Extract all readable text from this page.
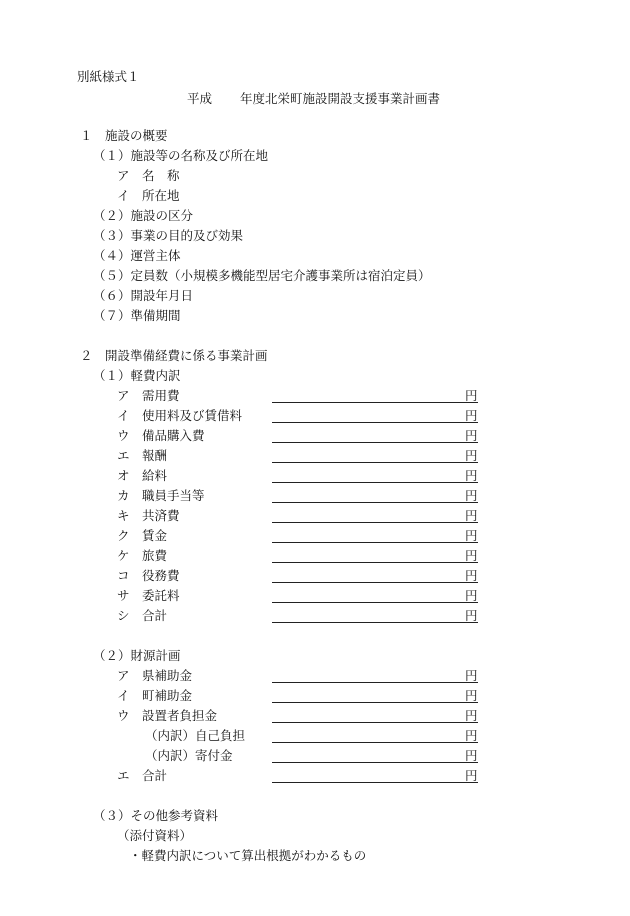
別紙様式１
平成 年度北栄町施設開設支援事業計画書
１　施設の概要
（１）施設等の名称及び所在地
ア　名　称
イ　所在地
（２）施設の区分
（３）事業の目的及び効果
（４）運営主体
（５）定員数（小規模多機能型居宅介護事業所は宿泊定員）
（６）開設年月日
（７）準備期間
２　開設準備経費に係る事業計画
（１）軽費内訳
ア　需用費	円
イ　使用料及び賃借料	円
ウ　備品購入費	円
エ　報酬	円
オ　給料	円
カ　職員手当等	円
キ　共済費	円
ク　賃金	円
ケ　旅費	円
コ　役務費	円
サ　委託料	円
シ　合計	円
（２）財源計画
ア　県補助金	円
イ　町補助金	円
ウ　設置者負担金	円
（内訳）自己負担	円
（内訳）寄付金	円
エ　合計	円
（３）その他参考資料
（添付資料）
・軽費内訳について算出根拠がわかるもの
